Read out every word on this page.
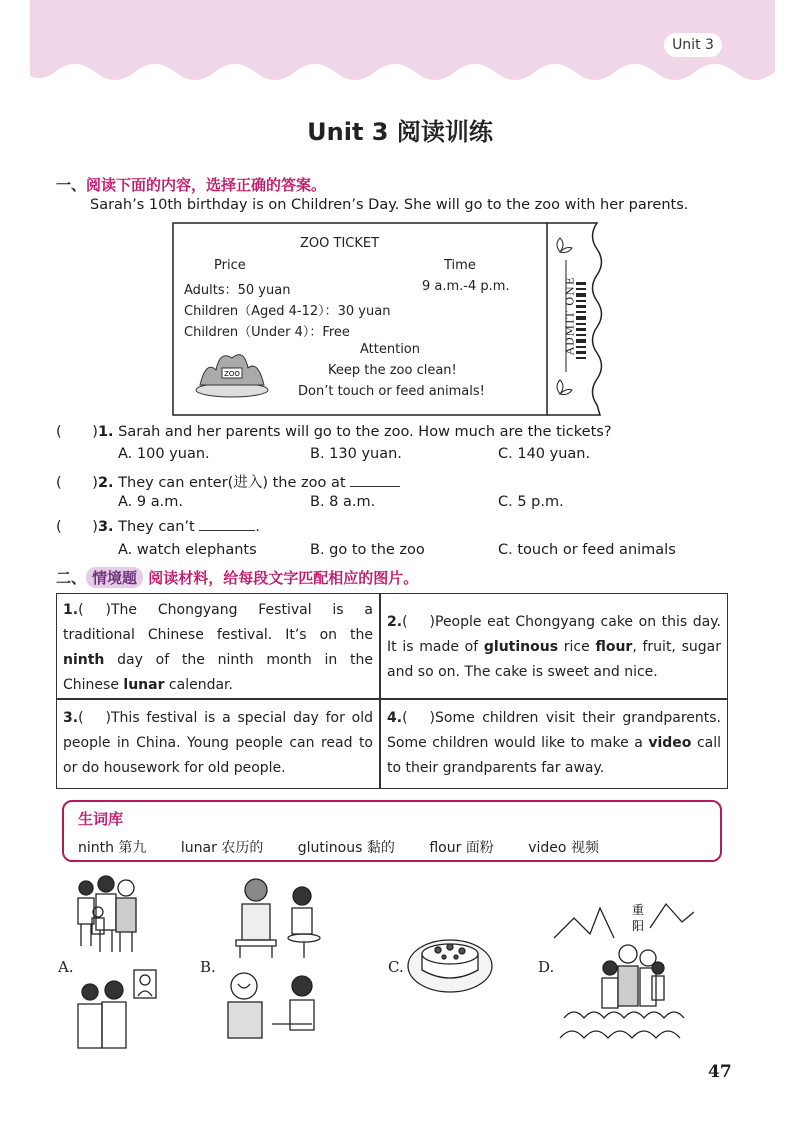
Unit 3
Unit 3 阅读训练
一、阅读下面的内容，选择正确的答案。
Sarah’s 10th birthday is on Children’s Day. She will go to the zoo with her parents.
ADMIT ONE
ZOO TICKET
Price	Time
Adults：50 yuan	9 a.m.-4 p.m.
Children（Aged 4-12）：30 yuan
Children（Under 4）：Free
Attention
Keep the zoo clean!
Don’t touch or feed animals!
ZOO
( )1. Sarah and her parents will go to the zoo. How much are the tickets?
A. 100 yuan.	B. 130 yuan.	C. 140 yuan.
( )2. They can enter(进入) the zoo at
A. 9 a.m.	B. 8 a.m.	C. 5 p.m.
( )3. They can’t	.
A. watch elephants	B. go to the zoo	C. touch or feed animals
二、 情境题 阅读材料，给每段文字匹配相应的图片。
1.( )The Chongyang Festival is a traditional Chinese festival. It’s on the ninth day of the ninth month in the Chinese lunar calendar.
2.( )People eat Chongyang cake on this day. It is made of glutinous rice flour, fruit, sugar and so on. The cake is sweet and nice.
3.( )This festival is a special day for old people in China. Young people can read to or do housework for old people.
4.( )Some children visit their grandparents. Some children would like to make a video call to their grandparents far away.
生词库
ninth 第九 lunar 农历的 glutinous 黏的 flour 面粉 video 视频
A.	B.	C.	D.
重
阳
47
